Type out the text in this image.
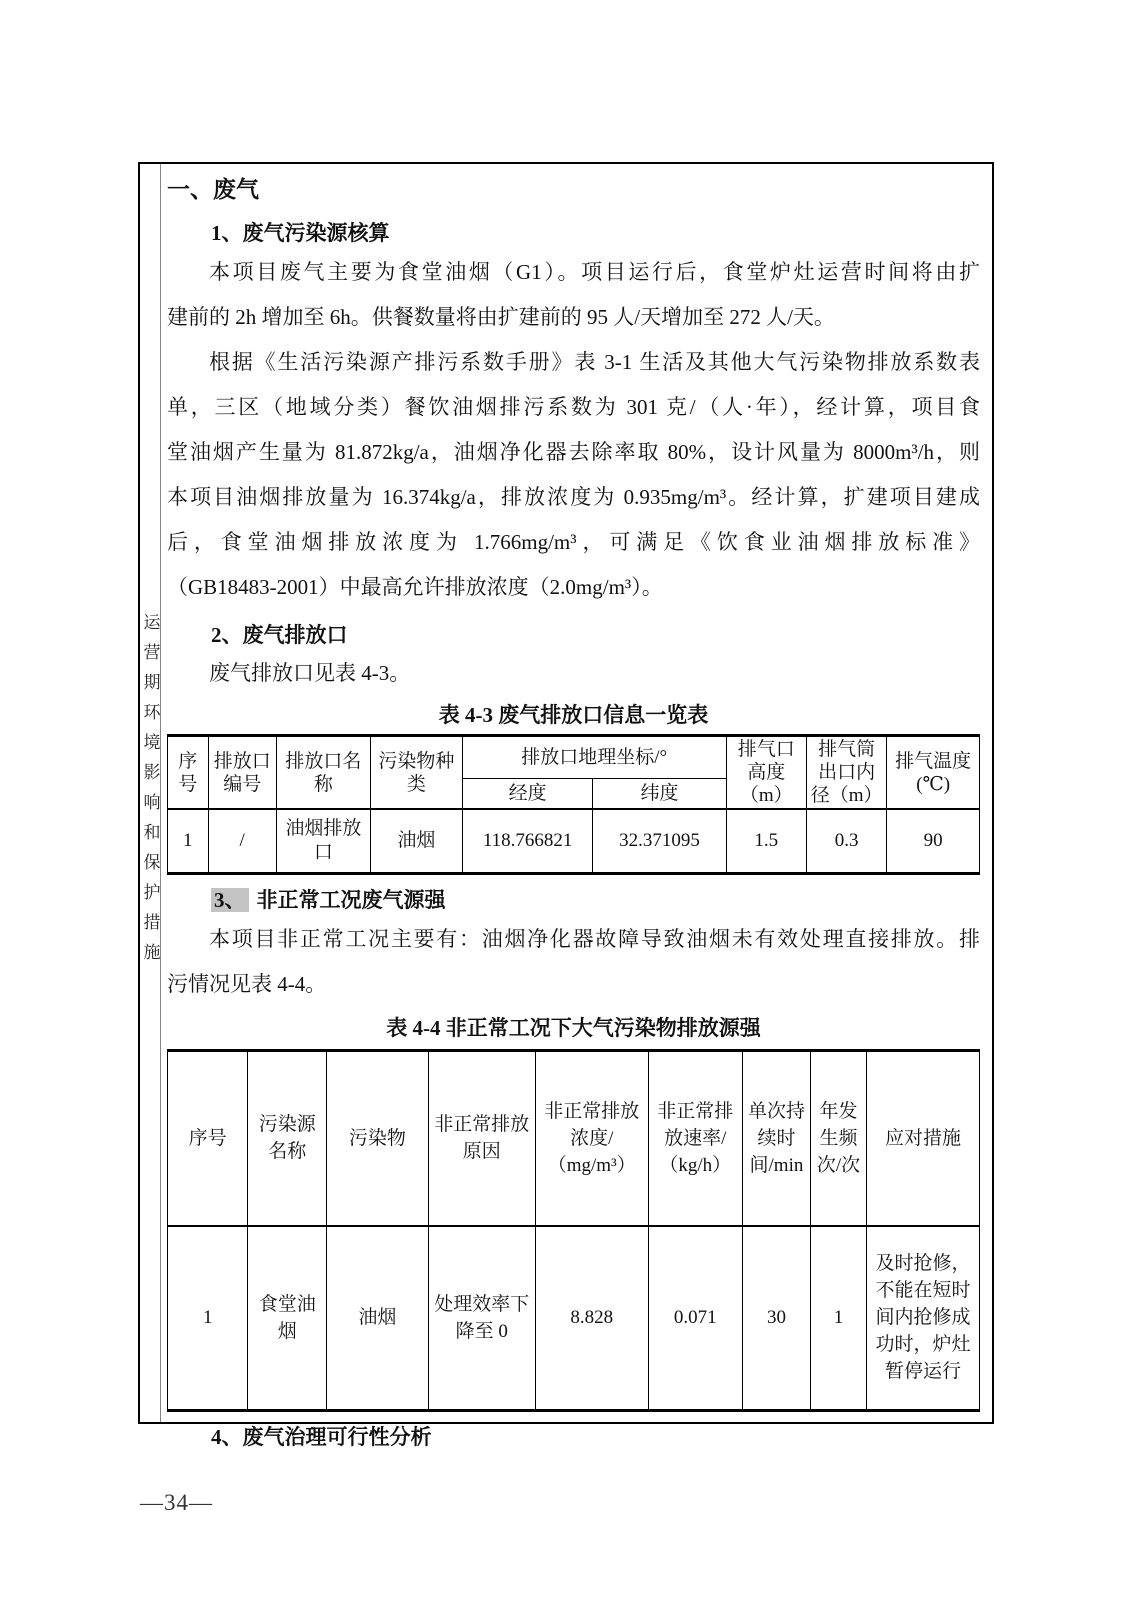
运营期环境影响和保护措施
一、废气
1、废气污染源核算
本项目废气主要为食堂油烟（G1）。项目运行后，食堂炉灶运营时间将由扩
建前的 2h 增加至 6h。供餐数量将由扩建前的 95 人/天增加至 272 人/天。
根据《生活污染源产排污系数手册》表 3-1 生活及其他大气污染物排放系数表
单，三区（地域分类）餐饮油烟排污系数为 301 克/（人·年），经计算，项目食
堂油烟产生量为 81.872kg/a，油烟净化器去除率取 80%，设计风量为 8000m³/h，则
本项目油烟排放量为 16.374kg/a，排放浓度为 0.935mg/m³。经计算，扩建项目建成
后，食堂油烟排放浓度为 1.766mg/m³，可满足《饮食业油烟排放标准》
（GB18483-2001）中最高允许排放浓度（2.0mg/m³）。
2、废气排放口
废气排放口见表 4-3。
表 4-3 废气排放口信息一览表
序号	排放口编号	排放口名称	污染物种类	排放口地理坐标/°		排气口高度（m）	排气筒出口内径（m）	排气温度(℃)
				经度	纬度			
1	/	油烟排放口	油烟	118.766821	32.371095	1.5	0.3	90
3、 非正常工况废气源强
本项目非正常工况主要有：油烟净化器故障导致油烟未有效处理直接排放。排
污情况见表 4-4。
表 4-4 非正常工况下大气污染物排放源强
序号	污染源名称	污染物	非正常排放原因	非正常排放浓度/（mg/m³）	非正常排放速率/（kg/h）	单次持续时间/min	年发生频次/次	应对措施
1	食堂油烟	油烟	处理效率下降至 0	8.828	0.071	30	1	及时抢修，不能在短时间内抢修成功时，炉灶暂停运行
4、废气治理可行性分析
—34—
